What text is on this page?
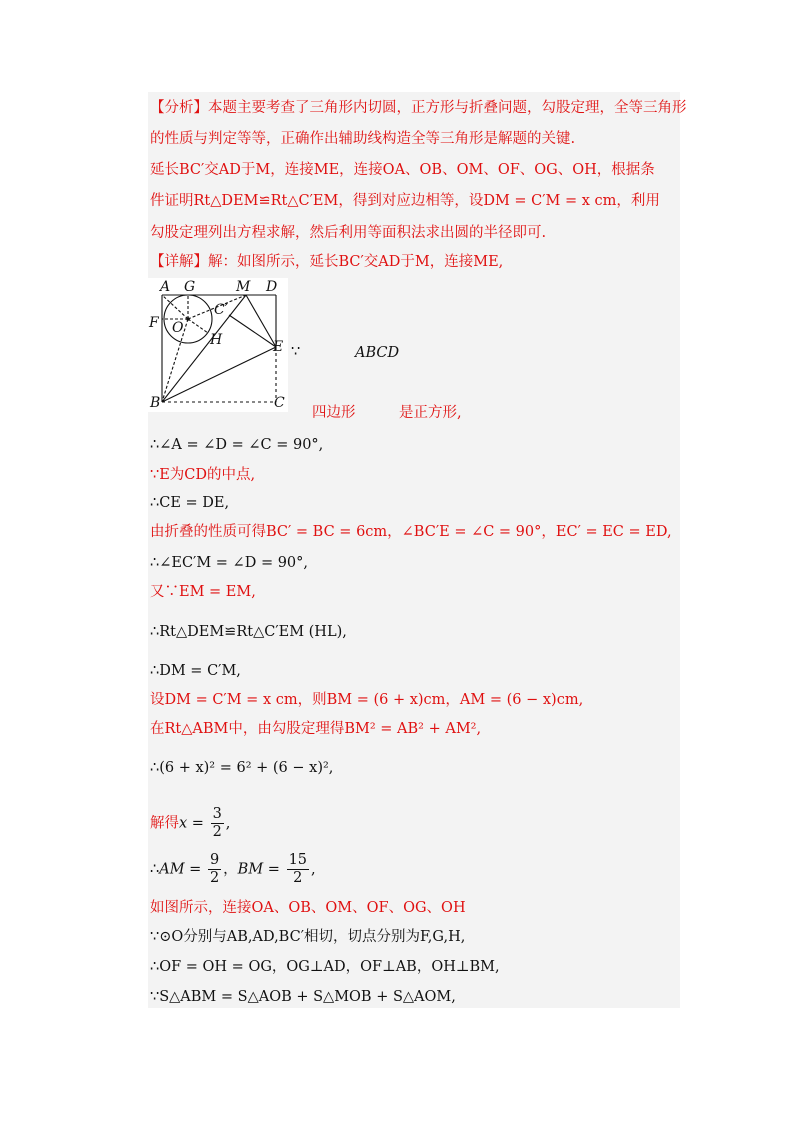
【分析】本题主要考查了三角形内切圆，正方形与折叠问题，勾股定理，全等三角形
的性质与判定等等，正确作出辅助线构造全等三角形是解题的关键.
延长BC′交AD于M，连接ME，连接OA、OB、OM、OF、OG、OH，根据条
件证明Rt△DEM≌Rt△C′EM，得到对应边相等，设DM = C′M = x cm，利用
勾股定理列出方程求解，然后利用等面积法求出圆的半径即可.
【详解】解：如图所示，延长BC′交AD于M，连接ME,
A G	M D
F O
C′
H	E
B	C
∵	ABCD
四边形	是正方形,
∴∠A = ∠D = ∠C = 90°,
∵E为CD的中点,
∴CE = DE,
由折叠的性质可得BC′ = BC = 6cm，∠BC′E = ∠C = 90°，EC′ = EC = ED,
∴∠EC′M = ∠D = 90°,
又∵EM = EM,
∴Rt△DEM≌Rt△C′EM (HL),
∴DM = C′M,
设DM = C′M = x cm，则BM = (6 + x)cm，AM = (6 − x)cm,
在Rt△ABM中，由勾股定理得BM² = AB² + AM²,
∴(6 + x)² = 6² + (6 − x)²,
解得$x = \frac{3}{2}$ ,
∴AM = $\frac{9}{2}$ ，BM = $\frac{15}{2}$ ,
如图所示，连接OA、OB、OM、OF、OG、OH
∵⊙O分别与AB,AD,BC′相切，切点分别为F,G,H,
∴OF = OH = OG，OG⊥AD，OF⊥AB，OH⊥BM,
∵S△ABM = S△AOB + S△MOB + S△AOM,
